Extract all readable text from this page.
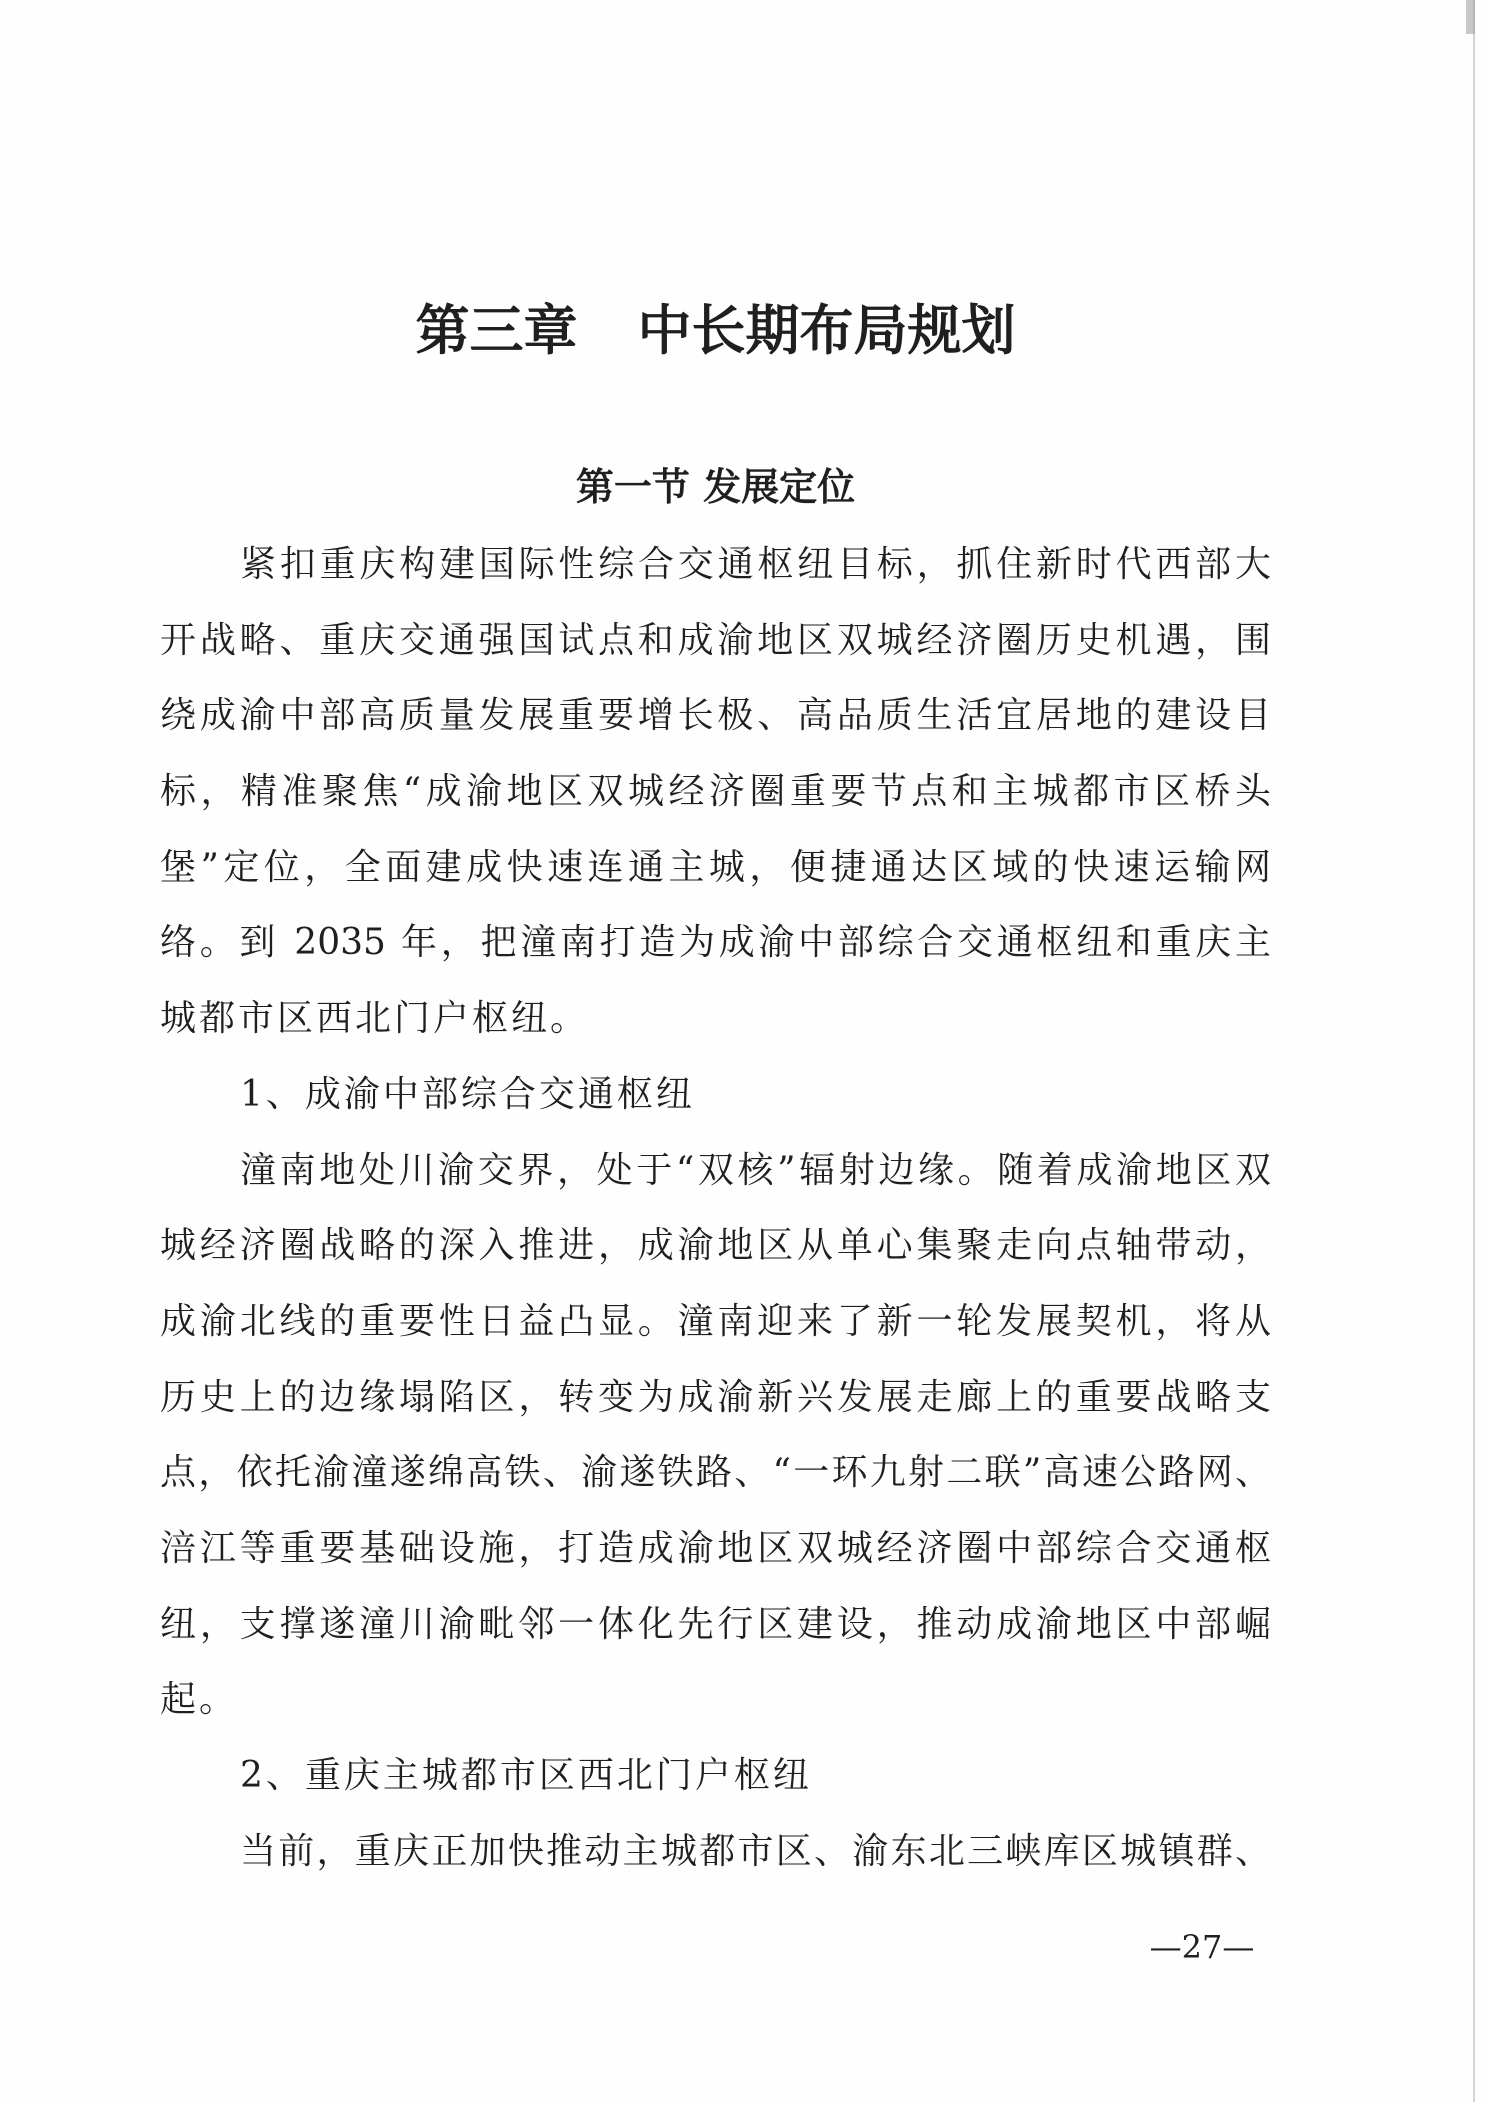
第三章 中长期布局规划
第一节 发展定位
紧扣重庆构建国际性综合交通枢纽目标，抓住新时代西部大
开战略、重庆交通强国试点和成渝地区双城经济圈历史机遇，围
绕成渝中部高质量发展重要增长极、高品质生活宜居地的建设目
标，精准聚焦“成渝地区双城经济圈重要节点和主城都市区桥头
堡”定位，全面建成快速连通主城，便捷通达区域的快速运输网
络。到 2035 年，把潼南打造为成渝中部综合交通枢纽和重庆主
城都市区西北门户枢纽。
1、成渝中部综合交通枢纽
潼南地处川渝交界，处于“双核”辐射边缘。随着成渝地区双
城经济圈战略的深入推进，成渝地区从单心集聚走向点轴带动，
成渝北线的重要性日益凸显。潼南迎来了新一轮发展契机，将从
历史上的边缘塌陷区，转变为成渝新兴发展走廊上的重要战略支
点，依托渝潼遂绵高铁、渝遂铁路、“一环九射二联”高速公路网、
涪江等重要基础设施，打造成渝地区双城经济圈中部综合交通枢
纽，支撑遂潼川渝毗邻一体化先行区建设，推动成渝地区中部崛
起。
2、重庆主城都市区西北门户枢纽
当前，重庆正加快推动主城都市区、渝东北三峡库区城镇群、
—27—
